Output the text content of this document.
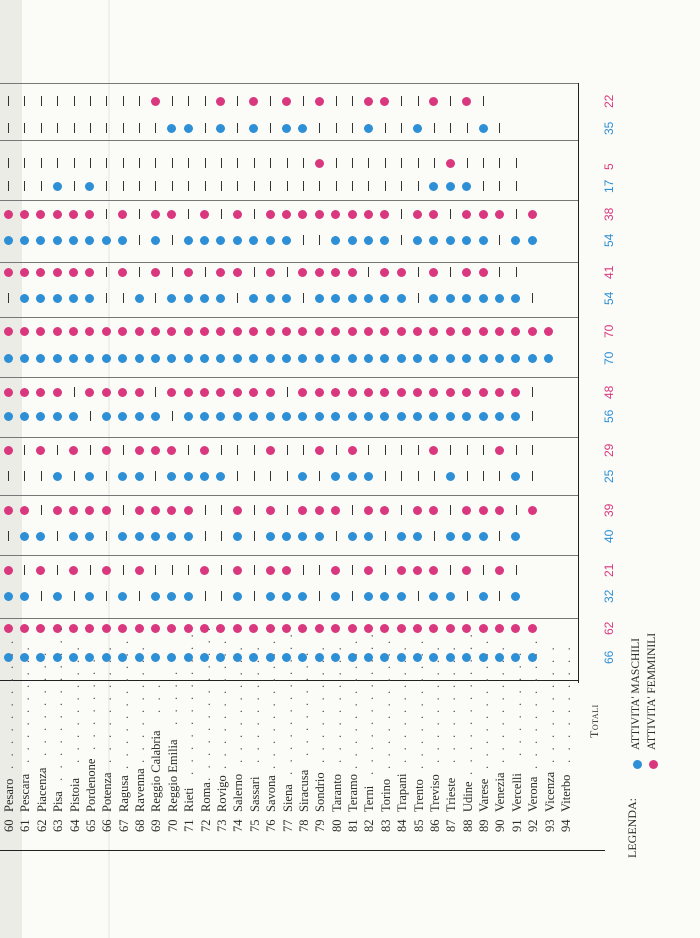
60
Pesaro
. . . . . . . . . . .
61
Pescara
. . . . . . . . . .
62
Piacenza
. . . . . . . . .
63
Pisa
. . . . . . . . . . . . .
64
Pistoia
. . . . . . . . . .
65
Pordenone
. . . . . . . .
66
Potenza
. . . . . . . . . .
67
Ragusa
. . . . . . . . . . .
68
Ravenna
. . . . . . . . . .
69
Reggio Calabria
. . .
70
Reggio Emilia
. . . . .
71
Rieti
. . . . . . . . . . . .
72
Roma
. . . . . . . . . . . . .
73
Rovigo
. . . . . . . . . . .
74
Salerno
. . . . . . . . . .
75
Sassari
. . . . . . . . . .
76
Savona
. . . . . . . . . . .
77
Siena
. . . . . . . . . . . .
78
Siracusa
. . . . . . . . .
79
Sondrio
. . . . . . . . . .
80
Taranto
. . . . . . . . . .
81
Teramo
. . . . . . . . . . .
82
Terni
. . . . . . . . . . . .
83
Torino
. . . . . . . . . . .
84
Trapani
. . . . . . . . . .
85
Trento
. . . . . . . . . . .
86
Treviso
. . . . . . . . . .
87
Trieste
. . . . . . . . . .
88
Udine
. . . . . . . . . . . .
89
Varese
. . . . . . . . . . .
90
Venezia
. . . . . . . . . .
91
Vercelli
. . . . . . . . .
92
Verona
. . . . . . . . . . .
93
Vicenza
. . . . . . . . . .
94
Viterbo
. . . . . . . . . .
35
22
17
5
54
38
54
41
70
70
56
48
25
29
40
39
32
21
66
62
Totali
LEGENDA:
ATTIVITA' MASCHILI ATTIVITA' FEMMINILI
